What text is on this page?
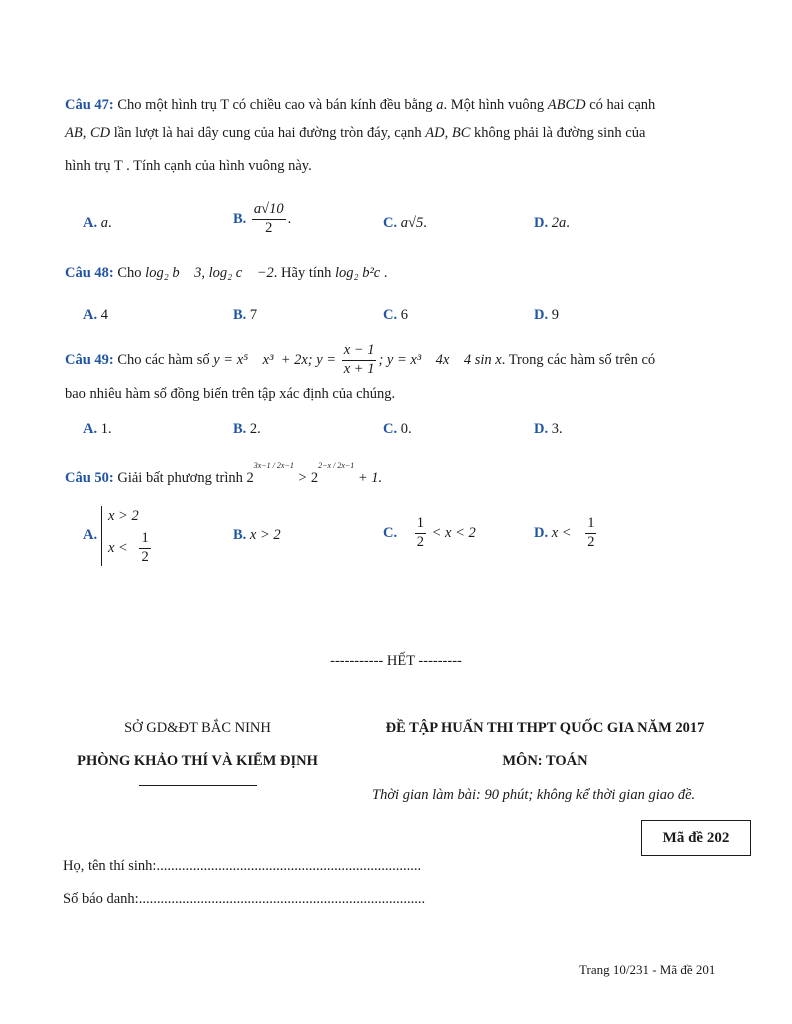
Câu 47: Cho một hình trụ T có chiều cao và bán kính đều bằng a. Một hình vuông ABCD có hai cạnh
AB, CD lần lượt là hai dây cung của hai đường tròn đáy, cạnh AD, BC không phải là đường sinh của
hình trụ T . Tính cạnh của hình vuông này.
A. a.	B. $\frac{a√10}{2}$ .	C. a√5.	D. 2a.
Câu 48: Cho log₂ b    3, log₂ c    −2. Hãy tính log₂ b²c .
A. 4	B. 7	C. 6	D. 9
Câu 49: Cho các hàm số y = x⁵    x³  + 2x; $y = \frac{x - 1}{x + 1}$ ; y = x³    4x    4 sin x. Trong các hàm số trên có
bao nhiêu hàm số đồng biến trên tập xác định của chúng.
A. 1.	B. 2.	C. 0.	D. 3.
Câu 50: Giải bất phương trình $2^{3x-1 / 2x-1} > 2^{2-x / 2x-1} + 1$.
A.
x > 2
$x < \frac{1}{2}$	B. x > 2	C. $\frac{1}{2} < x < 2$	D. $x < \frac{1}{2}$
----------- HẾT ---------
SỞ GD&ĐT BẮC NINH
PHÒNG KHẢO THÍ VÀ KIỂM ĐỊNH
ĐỀ TẬP HUẤN THI THPT QUỐC GIA NĂM 2017
MÔN: TOÁN
Thời gian làm bài: 90 phút; không kể thời gian giao đề.
Mã đề 202
Họ, tên thí sinh:.........................................................................
Số báo danh:...............................................................................
Trang 10/231 - Mã đề 201
